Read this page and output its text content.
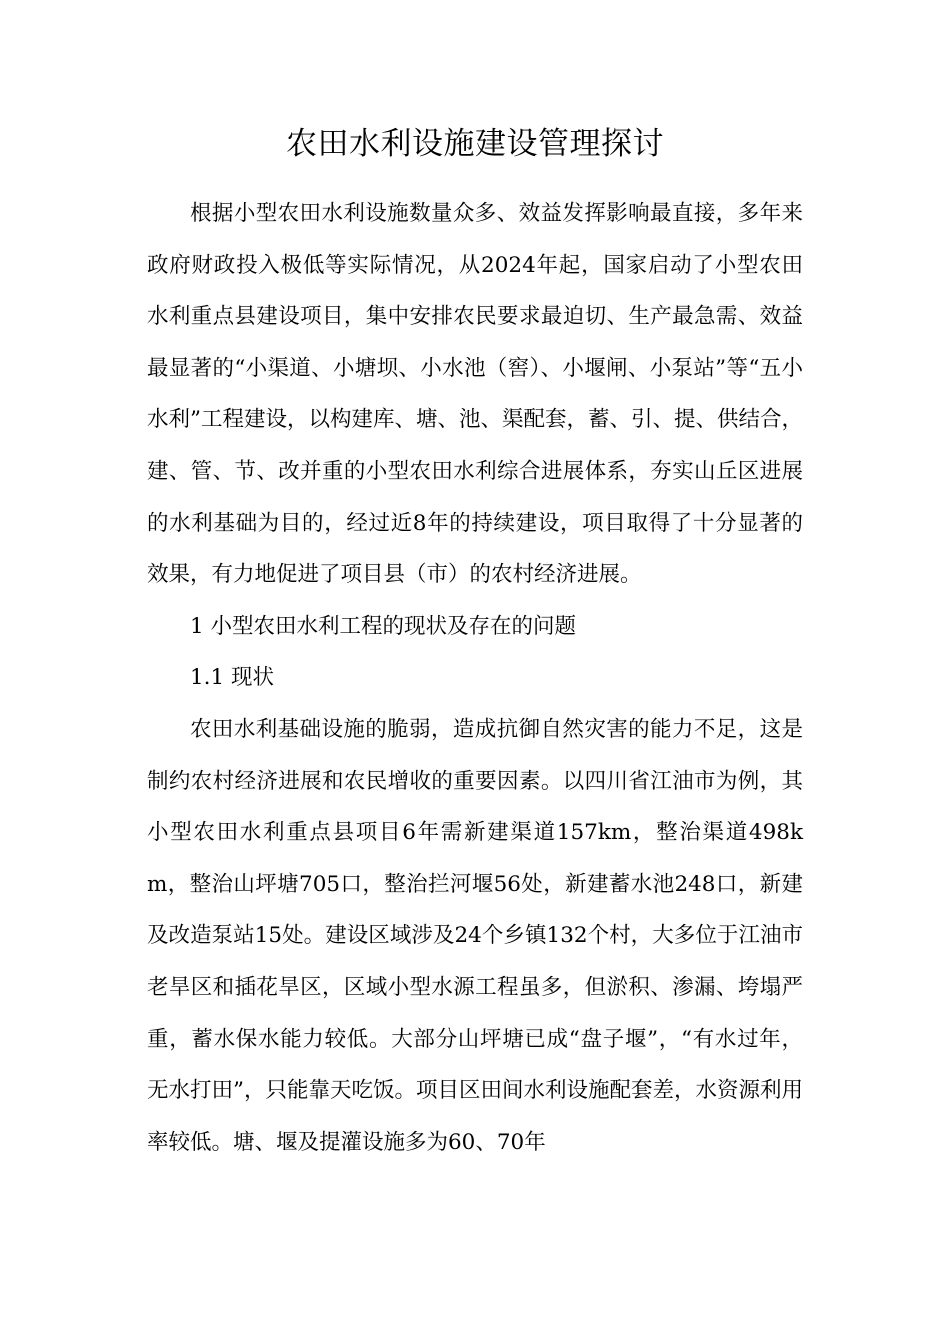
农田水利设施建设管理探讨

根据小型农田水利设施数量众多、效益发挥影响最直接，多年来政府财政投入极低等实际情况，从2024年起，国家启动了小型农田水利重点县建设项目，集中安排农民要求最迫切、生产最急需、效益最显著的“小渠道、小塘坝、小水池（窖）、小堰闸、小泵站”等“五小水利”工程建设，以构建库、塘、池、渠配套，蓄、引、提、供结合，建、管、节、改并重的小型农田水利综合进展体系，夯实山丘区进展的水利基础为目的，经过近8年的持续建设，项目取得了十分显著的效果，有力地促进了项目县（市）的农村经济进展。

1 小型农田水利工程的现状及存在的问题

1.1 现状

农田水利基础设施的脆弱，造成抗御自然灾害的能力不足，这是制约农村经济进展和农民增收的重要因素。以四川省江油市为例，其小型农田水利重点县项目6年需新建渠道157km，整治渠道498km，整治山坪塘705口，整治拦河堰56处，新建蓄水池248口，新建及改造泵站15处。建设区域涉及24个乡镇132个村，大多位于江油市老旱区和插花旱区，区域小型水源工程虽多，但淤积、渗漏、垮塌严重，蓄水保水能力较低。大部分山坪塘已成“盘子堰”，“有水过年，无水打田”，只能靠天吃饭。项目区田间水利设施配套差，水资源利用率较低。塘、堰及提灌设施多为60、70年
